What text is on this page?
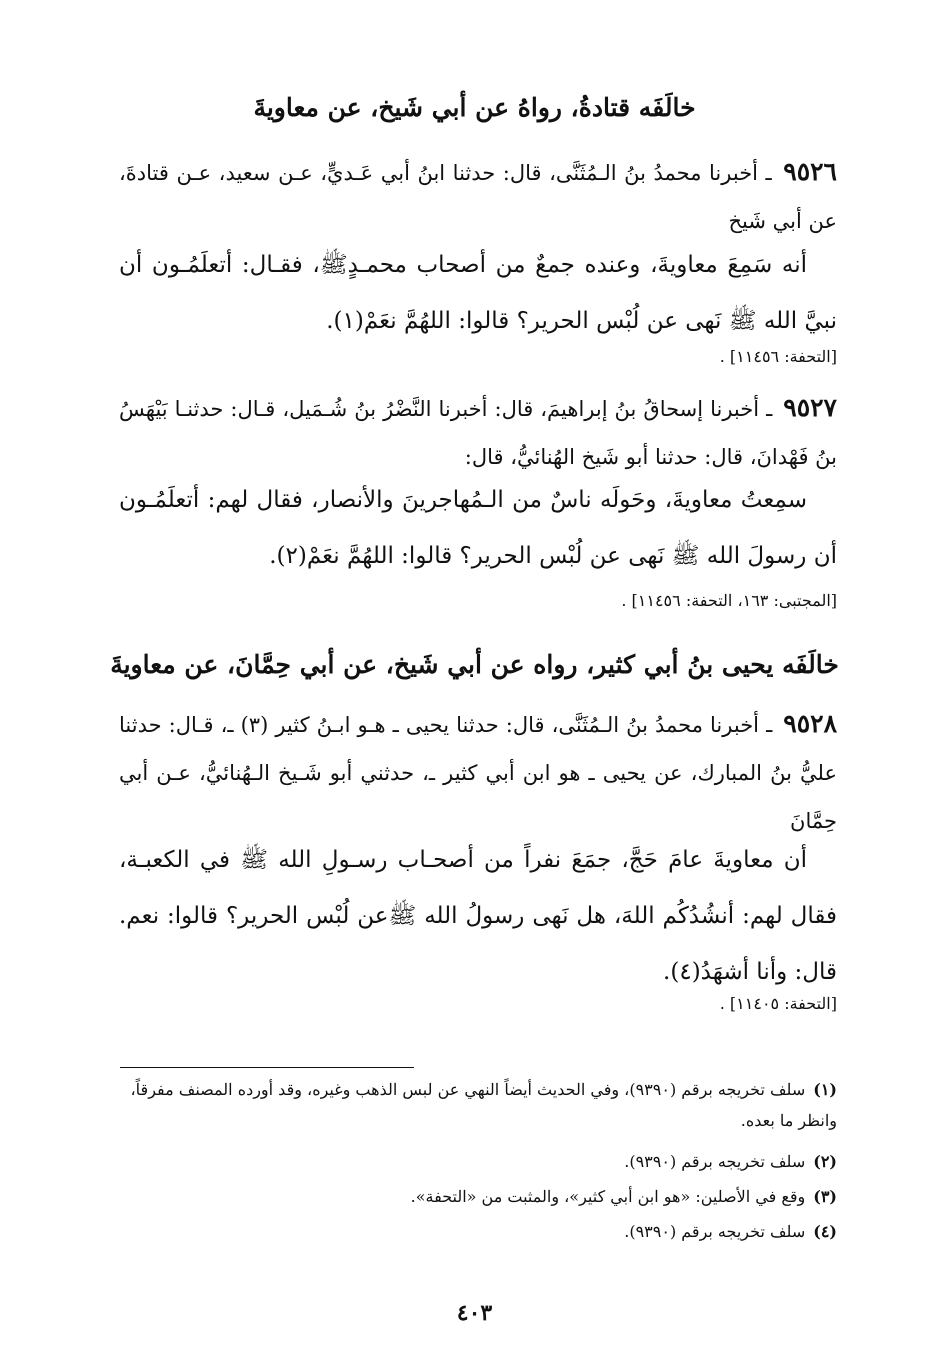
خالَفَه قتادةُ، رواهُ عن أبي شَيخ، عن معاويةَ
٩٥٢٦ ـ أخبرنا محمدُ بنُ الـمُثَنَّى، قال: حدثنا ابنُ أبي عَـديٍّ، عـن سعيد، عـن قتادةَ، عن أبي شَيخ
أنه سَمِعَ معاويةَ، وعنده جمعٌ من أصحاب محمـدٍﷺ، فقـال: أتعلَمُـون أن نبيَّ الله ﷺ نَهى عن لُبْس الحرير؟ قالوا: اللهُمَّ نعَمْ(١).
[التحفة: ١١٤٥٦] .
٩٥٢٧ ـ أخبرنا إسحاقُ بنُ إبراهيمَ، قال: أخبرنا النَّضْرُ بنُ شُـمَيل، قـال: حدثنـا بَيْهَسُ بنُ فَهْدانَ، قال: حدثنا أبو شَيخ الهُنائيُّ، قال:
سمِعتُ معاويةَ، وحَولَه ناسٌ من الـمُهاجرينَ والأنصار، فقال لهم: أتعلَمُـون أن رسولَ الله ﷺ نَهى عن لُبْس الحرير؟ قالوا: اللهُمَّ نعَمْ(٢).
[المجتبى: ١٦٣، التحفة: ١١٤٥٦] .
خالَفَه يحيى بنُ أبي كثير، رواه عن أبي شَيخ، عن أبي حِمَّانَ، عن معاويةَ
٩٥٢٨ ـ أخبرنا محمدُ بنُ الـمُثَنَّى، قال: حدثنا يحيى ـ هـو ابـنُ كثير (٣) ـ، قـال: حدثنا عليُّ بنُ المبارك، عن يحيى ـ هو ابن أبي كثير ـ، حدثني أبو شَـيخ الـهُنائيُّ، عـن أبي حِمَّانَ
أن معاويةَ عامَ حَجَّ، جمَعَ نفراً من أصحـاب رسـولِ الله ﷺ في الكعبـة، فقال لهم: أنشُدُكُم اللهَ، هل نَهى رسولُ الله ﷺعن لُبْس الحرير؟ قالوا: نعم. قال: وأنا أشهَدُ(٤).
[التحفة: ١١٤٠٥] .
(١)سلف تخريجه برقم (٩٣٩٠)، وفي الحديث أيضاً النهي عن لبس الذهب وغيره، وقد أورده المصنف مفرقاً، وانظر ما بعده.
(٢)سلف تخريجه برقم (٩٣٩٠).
(٣)وقع في الأصلين: «هو ابن أبي كثير»، والمثبت من «التحفة».
(٤)سلف تخريجه برقم (٩٣٩٠).
٤٠٣
